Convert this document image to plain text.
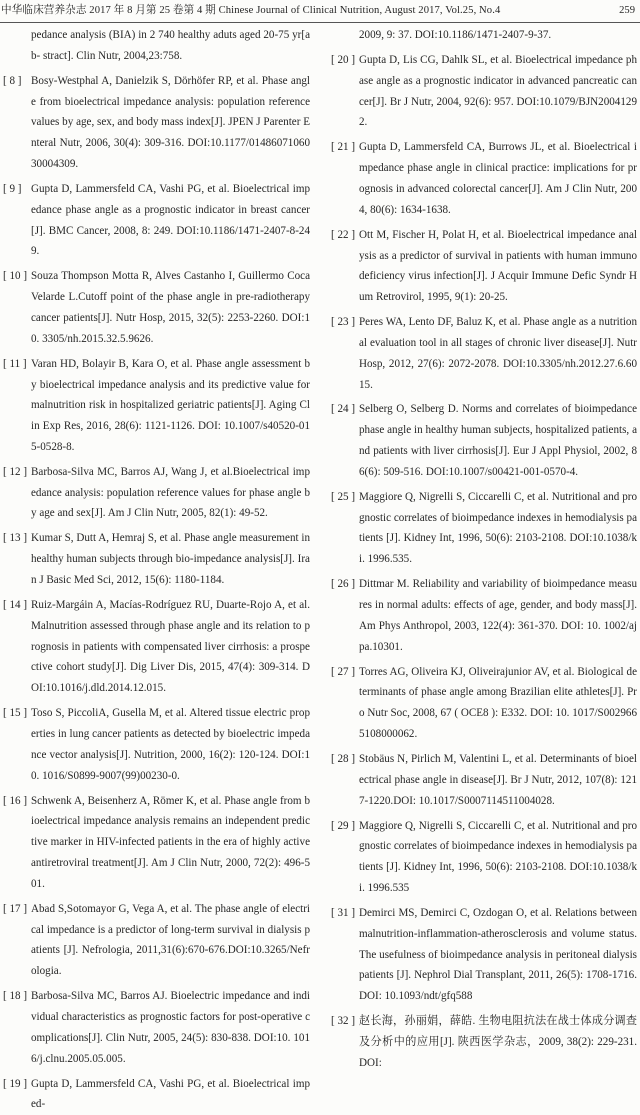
中华临床营养杂志 2017 年 8 月第 25 卷第 4 期 Chinese Journal of Clinical Nutrition, August 2017, Vol.25, No.4	259
pedance analysis (BIA) in 2 740 healthy aduts aged 20-75 yr[ab‑ stract]. Clin Nutr, 2004,23:758.
[ 8 ] Bosy-Westphal A, Danielzik S, Dörhöfer RP, et al. Phase angle from bioelectrical impedance analysis: population reference values by age, sex, and body mass index[J]. JPEN J Parenter Enteral Nutr, 2006, 30(4): 309-316. DOI:10.1177/0148607106030004309.
[ 9 ] Gupta D, Lammersfeld CA, Vashi PG, et al. Bioelectrical impedance phase angle as a prognostic indicator in breast cancer[J]. BMC Cancer, 2008, 8: 249. DOI:10.1186/1471-2407-8-249.
[ 10 ] Souza Thompson Motta R, Alves Castanho I, Guillermo Coca Velarde L.Cutoff point of the phase angle in pre-radiotherapy cancer patients[J]. Nutr Hosp, 2015, 32(5): 2253-2260. DOI:10. 3305/nh.2015.32.5.9626.
[ 11 ] Varan HD, Bolayir B, Kara O, et al. Phase angle assessment by bioelectrical impedance analysis and its predictive value for malnutrition risk in hospitalized geriatric patients[J]. Aging Clin Exp Res, 2016, 28(6): 1121-1126. DOI: 10.1007/s40520-015-0528-8.
[ 12 ] Barbosa-Silva MC, Barros AJ, Wang J, et al.Bioelectrical impedance analysis: population reference values for phase angle by age and sex[J]. Am J Clin Nutr, 2005, 82(1): 49-52.
[ 13 ] Kumar S, Dutt A, Hemraj S, et al. Phase angle measurement in healthy human subjects through bio-impedance analysis[J]. Iran J Basic Med Sci, 2012, 15(6): 1180-1184.
[ 14 ] Ruiz-Margáin A, Macías-Rodríguez RU, Duarte-Rojo A, et al. Malnutrition assessed through phase angle and its relation to prognosis in patients with compensated liver cirrhosis: a prospective cohort study[J]. Dig Liver Dis, 2015, 47(4): 309-314. DOI:10.1016/j.dld.2014.12.015.
[ 15 ] Toso S, PiccoliA, Gusella M, et al. Altered tissue electric properties in lung cancer patients as detected by bioelectric impedance vector analysis[J]. Nutrition, 2000, 16(2): 120-124. DOI:10. 1016/S0899-9007(99)00230-0.
[ 16 ] Schwenk A, Beisenherz A, Römer K, et al. Phase angle from bioelectrical impedance analysis remains an independent predictive marker in HIV-infected patients in the era of highly active antiretroviral treatment[J]. Am J Clin Nutr, 2000, 72(2): 496-501.
[ 17 ] Abad S,Sotomayor G, Vega A, et al. The phase angle of electrical impedance is a predictor of long-term survival in dialysis patients [J]. Nefrologia, 2011,31(6):670-676.DOI:10.3265/Nefrologia.
[ 18 ] Barbosa-Silva MC, Barros AJ. Bioelectric impedance and individual characteristics as prognostic factors for post-operative complications[J]. Clin Nutr, 2005, 24(5): 830-838. DOI:10. 1016/j.clnu.2005.05.005.
[ 19 ] Gupta D, Lammersfeld CA, Vashi PG, et al. Bioelectrical imped-
2009, 9: 37. DOI:10.1186/1471-2407-9-37.
[ 20 ] Gupta D, Lis CG, Dahlk SL, et al. Bioelectrical impedance phase angle as a prognostic indicator in advanced pancreatic cancer[J]. Br J Nutr, 2004, 92(6): 957. DOI:10.1079/BJN20041292.
[ 21 ] Gupta D, Lammersfeld CA, Burrows JL, et al. Bioelectrical impedance phase angle in clinical practice: implications for prognosis in advanced colorectal cancer[J]. Am J Clin Nutr, 2004, 80(6): 1634-1638.
[ 22 ] Ott M, Fischer H, Polat H, et al. Bioelectrical impedance analysis as a predictor of survival in patients with human immunodeficiency virus infection[J]. J Acquir Immune Defic Syndr Hum Retrovirol, 1995, 9(1): 20-25.
[ 23 ] Peres WA, Lento DF, Baluz K, et al. Phase angle as a nutritional evaluation tool in all stages of chronic liver disease[J]. Nutr Hosp, 2012, 27(6): 2072-2078. DOI:10.3305/nh.2012.27.6.6015.
[ 24 ] Selberg O, Selberg D. Norms and correlates of bioimpedance phase angle in healthy human subjects, hospitalized patients, and patients with liver cirrhosis[J]. Eur J Appl Physiol, 2002, 86(6): 509-516. DOI:10.1007/s00421-001-0570-4.
[ 25 ] Maggiore Q, Nigrelli S, Ciccarelli C, et al. Nutritional and prognostic correlates of bioimpedance indexes in hemodialysis patients [J]. Kidney Int, 1996, 50(6): 2103-2108. DOI:10.1038/ki. 1996.535.
[ 26 ] Dittmar M. Reliability and variability of bioimpedance measures in normal adults: effects of age, gender, and body mass[J]. Am Phys Anthropol, 2003, 122(4): 361-370. DOI: 10. 1002/ajpa.10301.
[ 27 ] Torres AG, Oliveira KJ, Oliveirajunior AV, et al. Biological determinants of phase angle among Brazilian elite athletes[J]. Pro Nutr Soc, 2008, 67 ( OCE8 ): E332. DOI: 10. 1017/S0029665108000062.
[ 28 ] Stobäus N, Pirlich M, Valentini L, et al. Determinants of bioelectrical phase angle in disease[J]. Br J Nutr, 2012, 107(8): 1217-1220.DOI: 10.1017/S0007114511004028.
[ 29 ] Maggiore Q, Nigrelli S, Ciccarelli C, et al. Nutritional and prognostic correlates of bioimpedance indexes in hemodialysis patients [J]. Kidney Int, 1996, 50(6): 2103-2108. DOI:10.1038/ki. 1996.535
[ 31 ] Demirci MS, Demirci C, Ozdogan O, et al. Relations between malnutrition-inflammation-atherosclerosis and volume status. The usefulness of bioimpedance analysis in peritoneal dialysis patients [J]. Nephrol Dial Transplant, 2011, 26(5): 1708-1716. DOI: 10.1093/ndt/gfq588
[ 32 ] 赵长海，孙丽娟，薛皓. 生物电阻抗法在战士体成分调查及分析中的应用[J]. 陕西医学杂志，2009, 38(2): 229-231. DOI:
